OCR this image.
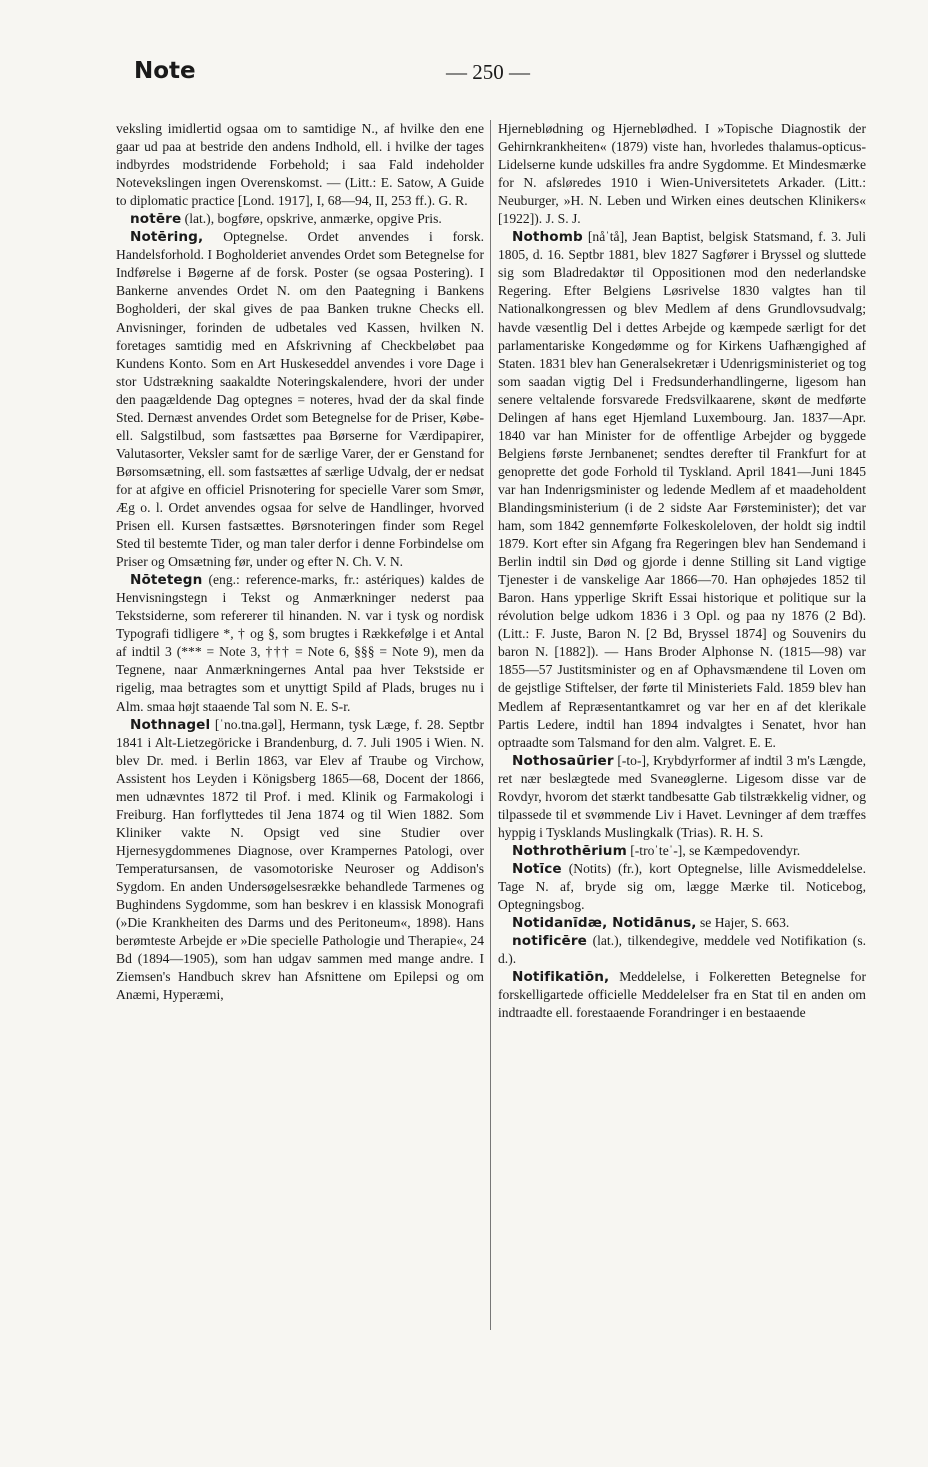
Note	— 250 —

veksling imidlertid ogsaa om to samtidige N., af hvilke den ene gaar ud paa at bestride den andens Indhold, ell. i hvilke der tages indbyrdes modstridende Forbehold; i saa Fald indeholder Notevekslingen ingen Overenskomst. — (Litt.: E. Satow, A Guide to diplomatic practice [Lond. 1917], I, 68—94, II, 253 ff.). G. R.

notēre (lat.), bogføre, opskrive, anmærke, opgive Pris.

Notēring, Optegnelse. Ordet anvendes i forsk. Handelsforhold. I Bogholderiet anvendes Ordet som Betegnelse for Indførelse i Bøgerne af de forsk. Poster (se ogsaa Postering). I Bankerne anvendes Ordet N. om den Paategning i Bankens Bogholderi, der skal gives de paa Banken trukne Checks ell. Anvisninger, forinden de udbetales ved Kassen, hvilken N. foretages samtidig med en Afskrivning af Checkbeløbet paa Kundens Konto. Som en Art Huskeseddel anvendes i vore Dage i stor Udstrækning saakaldte Noteringskalendere, hvori der under den paagældende Dag optegnes = noteres, hvad der da skal finde Sted. Dernæst anvendes Ordet som Betegnelse for de Priser, Købe- ell. Salgstilbud, som fastsættes paa Børserne for Værdipapirer, Valutasorter, Veksler samt for de særlige Varer, der er Genstand for Børsomsætning, ell. som fastsættes af særlige Udvalg, der er nedsat for at afgive en officiel Prisnotering for specielle Varer som Smør, Æg o. l. Ordet anvendes ogsaa for selve de Handlinger, hvorved Prisen ell. Kursen fastsættes. Børsnoteringen finder som Regel Sted til bestemte Tider, og man taler derfor i denne Forbindelse om Priser og Omsætning før, under og efter N. Ch. V. N.

Nōtetegn (eng.: reference-marks, fr.: astériques) kaldes de Henvisningstegn i Tekst og Anmærkninger nederst paa Tekstsiderne, som refererer til hinanden. N. var i tysk og nordisk Typografi tidligere *, † og §, som brugtes i Rækkefølge i et Antal af indtil 3 (*** = Note 3, ††† = Note 6, §§§ = Note 9), men da Tegnene, naar Anmærkningernes Antal paa hver Tekstside er rigelig, maa betragtes som et unyttigt Spild af Plads, bruges nu i Alm. smaa højt staaende Tal som N. E. S-r.

Nothnagel [ˈno.tna.gəl], Hermann, tysk Læge, f. 28. Septbr 1841 i Alt-Lietzegöricke i Brandenburg, d. 7. Juli 1905 i Wien. N. blev Dr. med. i Berlin 1863, var Elev af Traube og Virchow, Assistent hos Leyden i Königsberg 1865—68, Docent der 1866, men udnævntes 1872 til Prof. i med. Klinik og Farmakologi i Freiburg. Han forflyttedes til Jena 1874 og til Wien 1882. Som Kliniker vakte N. Opsigt ved sine Studier over Hjernesygdommenes Diagnose, over Krampernes Patologi, over Temperatursansen, de vasomotoriske Neuroser og Addison's Sygdom. En anden Undersøgelsesrække behandlede Tarmenes og Bughindens Sygdomme, som han beskrev i en klassisk Monografi (»Die Krankheiten des Darms und des Peritoneum«, 1898). Hans berømteste Arbejde er »Die specielle Pathologie und Therapie«, 24 Bd (1894—1905), som han udgav sammen med mange andre. I Ziemsen's Handbuch skrev han Afsnittene om Epilepsi og om Anæmi, Hyperæmi,

Hjerneblødning og Hjerneblødhed. I »Topische Diagnostik der Gehirnkrankheiten« (1879) viste han, hvorledes thalamus-opticus-Lidelserne kunde udskilles fra andre Sygdomme. Et Mindesmærke for N. afsløredes 1910 i Wien-Universitetets Arkader. (Litt.: Neuburger, »H. N. Leben und Wirken eines deutschen Klinikers« [1922]). J. S. J.

Nothomb [nåˈtå], Jean Baptist, belgisk Statsmand, f. 3. Juli 1805, d. 16. Septbr 1881, blev 1827 Sagfører i Bryssel og sluttede sig som Bladredaktør til Oppositionen mod den nederlandske Regering. Efter Belgiens Løsrivelse 1830 valgtes han til Nationalkongressen og blev Medlem af dens Grundlovsudvalg; havde væsentlig Del i dettes Arbejde og kæmpede særligt for det parlamentariske Kongedømme og for Kirkens Uafhængighed af Staten. 1831 blev han Generalsekretær i Udenrigsministeriet og tog som saadan vigtig Del i Fredsunderhandlingerne, ligesom han senere veltalende forsvarede Fredsvilkaarene, skønt de medførte Delingen af hans eget Hjemland Luxembourg. Jan. 1837—Apr. 1840 var han Minister for de offentlige Arbejder og byggede Belgiens første Jernbanenet; sendtes derefter til Frankfurt for at genoprette det gode Forhold til Tyskland. April 1841—Juni 1845 var han Indenrigsminister og ledende Medlem af et maadeholdent Blandingsministerium (i de 2 sidste Aar Førsteminister); det var ham, som 1842 gennemførte Folkeskoleloven, der holdt sig indtil 1879. Kort efter sin Afgang fra Regeringen blev han Sendemand i Berlin indtil sin Død og gjorde i denne Stilling sit Land vigtige Tjenester i de vanskelige Aar 1866—70. Han ophøjedes 1852 til Baron. Hans ypperlige Skrift Essai historique et politique sur la révolution belge udkom 1836 i 3 Opl. og paa ny 1876 (2 Bd). (Litt.: F. Juste, Baron N. [2 Bd, Bryssel 1874] og Souvenirs du baron N. [1882]). — Hans Broder Alphonse N. (1815—98) var 1855—57 Justitsminister og en af Ophavsmændene til Loven om de gejstlige Stiftelser, der førte til Ministeriets Fald. 1859 blev han Medlem af Repræsentantkamret og var her en af det klerikale Partis Ledere, indtil han 1894 indvalgtes i Senatet, hvor han optraadte som Talsmand for den alm. Valgret. E. E.

Nothosaūrier [-to-], Krybdyrformer af indtil 3 m's Længde, ret nær beslægtede med Svaneøglerne. Ligesom disse var de Rovdyr, hvorom det stærkt tandbesatte Gab tilstrækkelig vidner, og tilpassede til et svømmende Liv i Havet. Levninger af dem træffes hyppig i Tysklands Muslingkalk (Trias). R. H. S.

Nothrothērium [-troˈteˈ-], se Kæmpedovendyr.

Notīce (Notits) (fr.), kort Optegnelse, lille Avismeddelelse. Tage N. af, bryde sig om, lægge Mærke til. Noticebog, Optegningsbog.

Notidanīdæ, Notidānus, se Hajer, S. 663.

notificēre (lat.), tilkendegive, meddele ved Notifikation (s. d.).

Notifikatiōn, Meddelelse, i Folkeretten Betegnelse for forskelligartede officielle Meddelelser fra en Stat til en anden om indtraadte ell. forestaaende Forandringer i en bestaaende
